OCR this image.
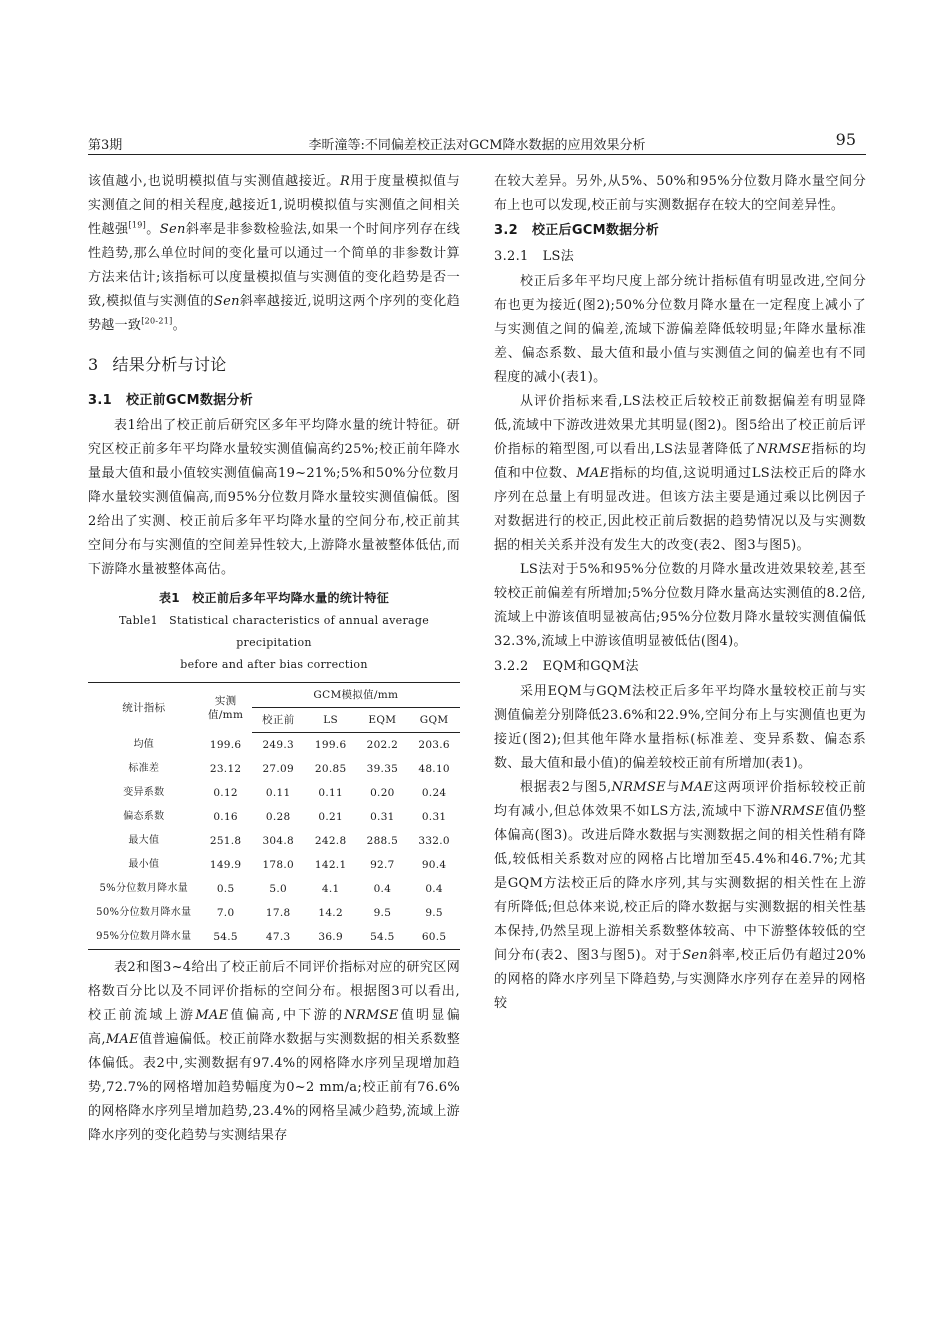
第3期	李昕潼等:不同偏差校正法对GCM降水数据的应用效果分析	95

该值越小,也说明模拟值与实测值越接近。R用于度量模拟值与实测值之间的相关程度,越接近1,说明模拟值与实测值之间相关性越强[19]。Sen斜率是非参数检验法,如果一个时间序列存在线性趋势,那么单位时间的变化量可以通过一个简单的非参数计算方法来估计;该指标可以度量模拟值与实测值的变化趋势是否一致,模拟值与实测值的Sen斜率越接近,说明这两个序列的变化趋势越一致[20-21]。

3 结果分析与讨论
3.1 校正前GCM数据分析

表1给出了校正前后研究区多年平均降水量的统计特征。研究区校正前多年平均降水量较实测值偏高约25%;校正前年降水量最大值和最小值较实测值偏高19~21%;5%和50%分位数月降水量较实测值偏高,而95%分位数月降水量较实测值偏低。图2给出了实测、校正前后多年平均降水量的空间分布,校正前其空间分布与实测值的空间差异性较大,上游降水量被整体低估,而下游降水量被整体高估。

表1　校正前后多年平均降水量的统计特征
Table1　Statistical characteristics of annual average precipitation
before and after bias correction
统计指标	实测值/mm	GCM模拟值/mm			
		校正前	LS	EQM	GQM
均值	199.6	249.3	199.6	202.2	203.6
标准差	23.12	27.09	20.85	39.35	48.10
变异系数	0.12	0.11	0.11	0.20	0.24
偏态系数	0.16	0.28	0.21	0.31	0.31
最大值	251.8	304.8	242.8	288.5	332.0
最小值	149.9	178.0	142.1	92.7	90.4
5%分位数月降水量	0.5	5.0	4.1	0.4	0.4
50%分位数月降水量	7.0	17.8	14.2	9.5	9.5
95%分位数月降水量	54.5	47.3	36.9	54.5	60.5

表2和图3~4给出了校正前后不同评价指标对应的研究区网格数百分比以及不同评价指标的空间分布。根据图3可以看出,校正前流域上游MAE值偏高,中下游的NRMSE值明显偏高,MAE值普遍偏低。校正前降水数据与实测数据的相关系数整体偏低。表2中,实测数据有97.4%的网格降水序列呈现增加趋势,72.7%的网格增加趋势幅度为0~2 mm/a;校正前有76.6%的网格降水序列呈增加趋势,23.4%的网格呈减少趋势,流域上游降水序列的变化趋势与实测结果存

在较大差异。另外,从5%、50%和95%分位数月降水量空间分布上也可以发现,校正前与实测数据存在较大的空间差异性。

3.2 校正后GCM数据分析
3.2.1 LS法

校正后多年平均尺度上部分统计指标值有明显改进,空间分布也更为接近(图2);50%分位数月降水量在一定程度上减小了与实测值之间的偏差,流域下游偏差降低较明显;年降水量标准差、偏态系数、最大值和最小值与实测值之间的偏差也有不同程度的减小(表1)。

从评价指标来看,LS法校正后较校正前数据偏差有明显降低,流域中下游改进效果尤其明显(图2)。图5给出了校正前后评价指标的箱型图,可以看出,LS法显著降低了NRMSE指标的均值和中位数、MAE指标的均值,这说明通过LS法校正后的降水序列在总量上有明显改进。但该方法主要是通过乘以比例因子对数据进行的校正,因此校正前后数据的趋势情况以及与实测数据的相关关系并没有发生大的改变(表2、图3与图5)。

LS法对于5%和95%分位数的月降水量改进效果较差,甚至较校正前偏差有所增加;5%分位数月降水量高达实测值的8.2倍,流域上中游该值明显被高估;95%分位数月降水量较实测值偏低32.3%,流域上中游该值明显被低估(图4)。

3.2.2 EQM和GQM法

采用EQM与GQM法校正后多年平均降水量较校正前与实测值偏差分别降低23.6%和22.9%,空间分布上与实测值也更为接近(图2);但其他年降水量指标(标准差、变异系数、偏态系数、最大值和最小值)的偏差较校正前有所增加(表1)。

根据表2与图5,NRMSE与MAE这两项评价指标较校正前均有减小,但总体效果不如LS方法,流域中下游NRMSE值仍整体偏高(图3)。改进后降水数据与实测数据之间的相关性稍有降低,较低相关系数对应的网格占比增加至45.4%和46.7%;尤其是GQM方法校正后的降水序列,其与实测数据的相关性在上游有所降低;但总体来说,校正后的降水数据与实测数据的相关性基本保持,仍然呈现上游相关系数整体较高、中下游整体较低的空间分布(表2、图3与图5)。对于Sen斜率,校正后仍有超过20%的网格的降水序列呈下降趋势,与实测降水序列存在差异的网格较
